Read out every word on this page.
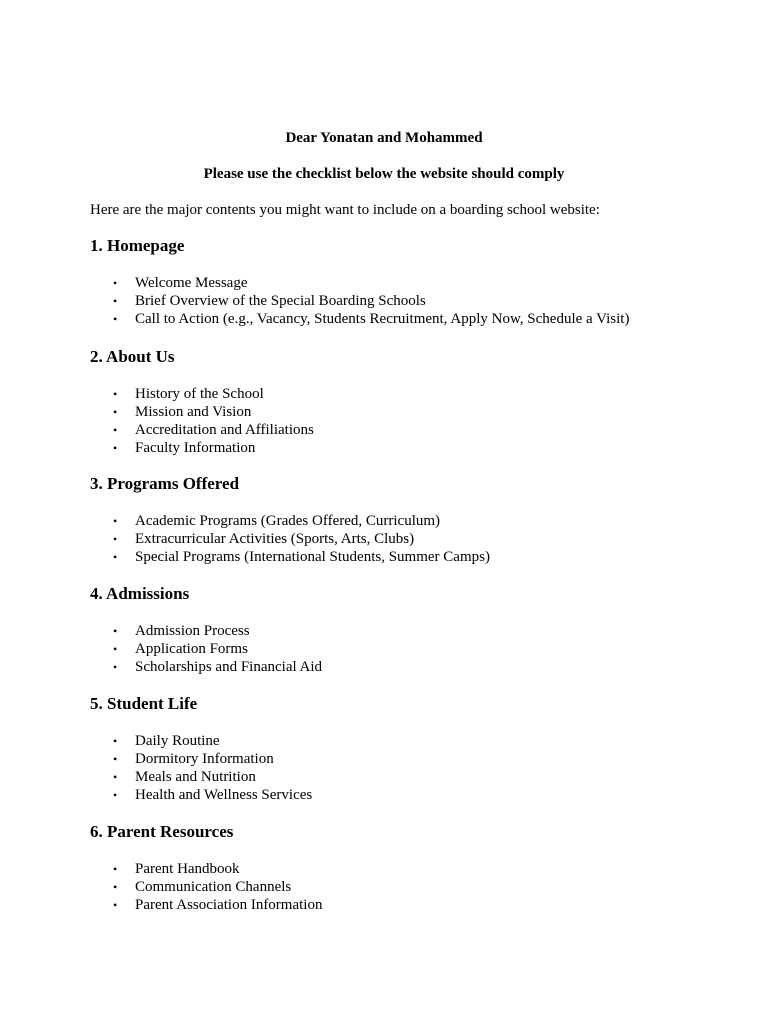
Dear Yonatan and Mohammed

Please use the checklist below the website should comply

Here are the major contents you might want to include on a boarding school website:

1. Homepage
• Welcome Message
• Brief Overview of the Special Boarding Schools
• Call to Action (e.g., Vacancy, Students Recruitment, Apply Now, Schedule a Visit)
2. About Us
• History of the School
• Mission and Vision
• Accreditation and Affiliations
• Faculty Information
3. Programs Offered
• Academic Programs (Grades Offered, Curriculum)
• Extracurricular Activities (Sports, Arts, Clubs)
• Special Programs (International Students, Summer Camps)
4. Admissions
• Admission Process
• Application Forms
• Scholarships and Financial Aid
5. Student Life
• Daily Routine
• Dormitory Information
• Meals and Nutrition
• Health and Wellness Services
6. Parent Resources
• Parent Handbook
• Communication Channels
• Parent Association Information
